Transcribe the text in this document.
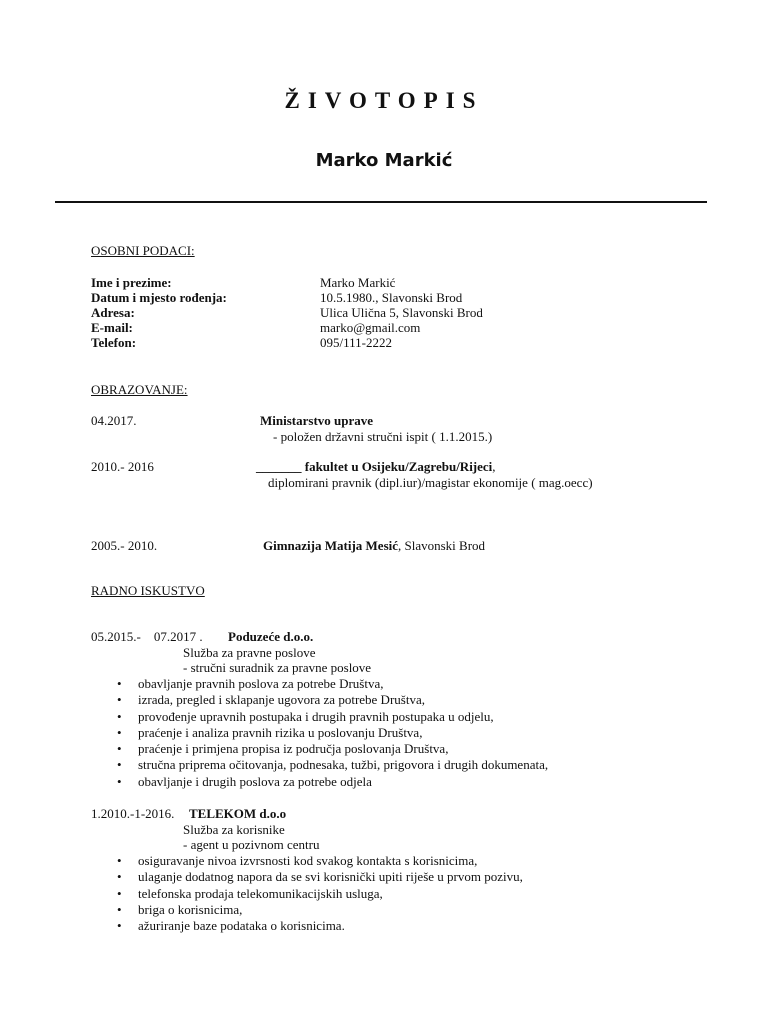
ŽIVOTOPIS
Marko Markić
OSOBNI PODACI:
Ime i prezime:	Marko Markić
Datum i mjesto rođenja:	10.5.1980., Slavonski Brod
Adresa:	Ulica Ulična 5, Slavonski Brod
E-mail:	marko@gmail.com
Telefon:	095/111-2222
OBRAZOVANJE:
04.2017.	Ministarstvo uprave
- položen državni stručni ispit ( 1.1.2015.)
2010.- 2016	_______ fakultet u Osijeku/Zagrebu/Rijeci,
diplomirani pravnik (dipl.iur)/magistar ekonomije ( mag.oecc)
2005.- 2010.	Gimnazija Matija Mesić, Slavonski Brod
RADNO ISKUSTVO
05.2015.-    07.2017 . Poduzeće d.o.o.
Služba za pravne poslove
- stručni suradnik za pravne poslove
• obavljanje pravnih poslova za potrebe Društva,
• izrada, pregled i sklapanje ugovora za potrebe Društva,
• provođenje upravnih postupaka i drugih pravnih postupaka u odjelu,
• praćenje i analiza pravnih rizika u poslovanju Društva,
• praćenje i primjena propisa iz područja poslovanja Društva,
• stručna priprema očitovanja, podnesaka, tužbi, prigovora i drugih dokumenata,
• obavljanje i drugih poslova za potrebe odjela
1.2010.-1-2016. TELEKOM d.o.o
Služba za korisnike
- agent u pozivnom centru
• osiguravanje nivoa izvrsnosti kod svakog kontakta s korisnicima,
• ulaganje dodatnog napora da se svi korisnički upiti riješe u prvom pozivu,
• telefonska prodaja telekomunikacijskih usluga,
• briga o korisnicima,
• ažuriranje baze podataka o korisnicima.
